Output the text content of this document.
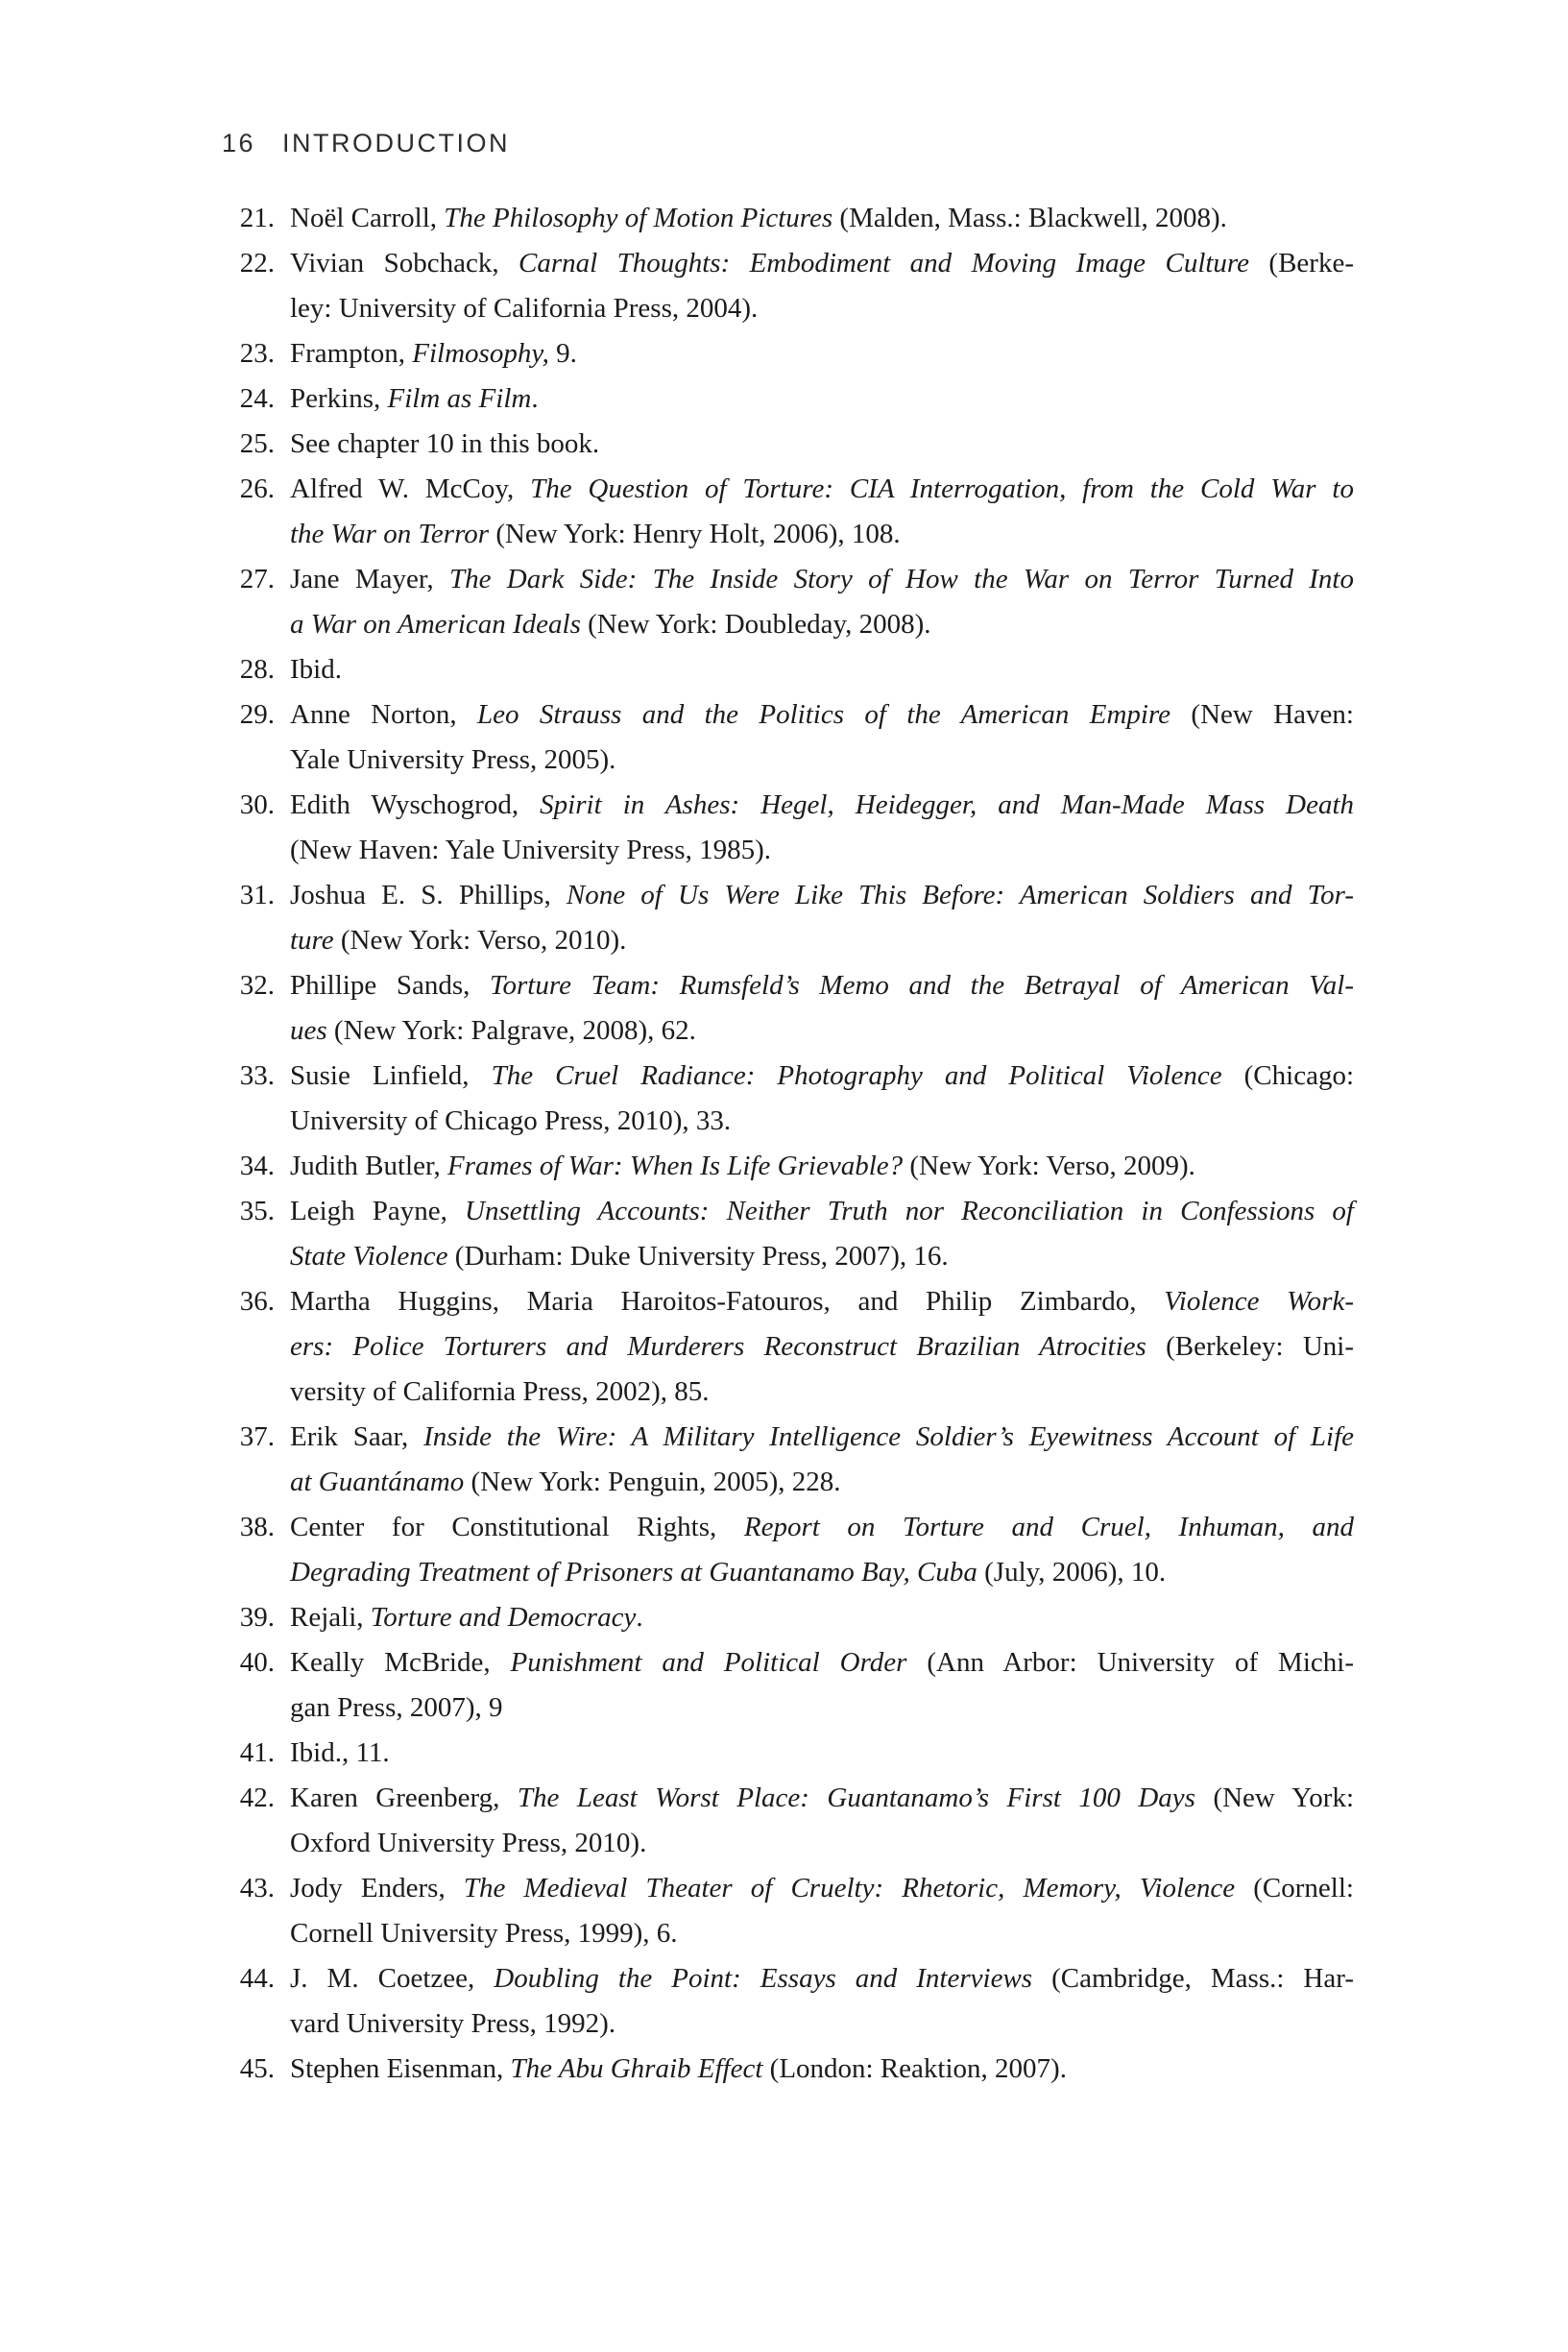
16 INTRODUCTION
21. Noël Carroll, The Philosophy of Motion Pictures (Malden, Mass.: Blackwell, 2008).
22. Vivian Sobchack, Carnal Thoughts: Embodiment and Moving Image Culture (Berke-
ley: University of California Press, 2004).
23. Frampton, Filmosophy, 9.
24. Perkins, Film as Film.
25. See chapter 10 in this book.
26. Alfred W. McCoy, The Question of Torture: CIA Interrogation, from the Cold War to
the War on Terror (New York: Henry Holt, 2006), 108.
27. Jane Mayer, The Dark Side: The Inside Story of How the War on Terror Turned Into
a War on American Ideals (New York: Doubleday, 2008).
28. Ibid.
29. Anne Norton, Leo Strauss and the Politics of the American Empire (New Haven:
Yale University Press, 2005).
30. Edith Wyschogrod, Spirit in Ashes: Hegel, Heidegger, and Man-Made Mass Death
(New Haven: Yale University Press, 1985).
31. Joshua E. S. Phillips, None of Us Were Like This Before: American Soldiers and Tor-
ture (New York: Verso, 2010).
32. Phillipe Sands, Torture Team: Rumsfeld’s Memo and the Betrayal of American Val-
ues (New York: Palgrave, 2008), 62.
33. Susie Linfield, The Cruel Radiance: Photography and Political Violence (Chicago:
University of Chicago Press, 2010), 33.
34. Judith Butler, Frames of War: When Is Life Grievable? (New York: Verso, 2009).
35. Leigh Payne, Unsettling Accounts: Neither Truth nor Reconciliation in Confessions of
State Violence (Durham: Duke University Press, 2007), 16.
36. Martha Huggins, Maria Haroitos-Fatouros, and Philip Zimbardo, Violence Work-
ers: Police Torturers and Murderers Reconstruct Brazilian Atrocities (Berkeley: Uni-
versity of California Press, 2002), 85.
37. Erik Saar, Inside the Wire: A Military Intelligence Soldier’s Eyewitness Account of Life
at Guantánamo (New York: Penguin, 2005), 228.
38. Center for Constitutional Rights, Report on Torture and Cruel, Inhuman, and
Degrading Treatment of Prisoners at Guantanamo Bay, Cuba (July, 2006), 10.
39. Rejali, Torture and Democracy.
40. Keally McBride, Punishment and Political Order (Ann Arbor: University of Michi-
gan Press, 2007), 9
41. Ibid., 11.
42. Karen Greenberg, The Least Worst Place: Guantanamo’s First 100 Days (New York:
Oxford University Press, 2010).
43. Jody Enders, The Medieval Theater of Cruelty: Rhetoric, Memory, Violence (Cornell:
Cornell University Press, 1999), 6.
44. J. M. Coetzee, Doubling the Point: Essays and Interviews (Cambridge, Mass.: Har-
vard University Press, 1992).
45. Stephen Eisenman, The Abu Ghraib Effect (London: Reaktion, 2007).
